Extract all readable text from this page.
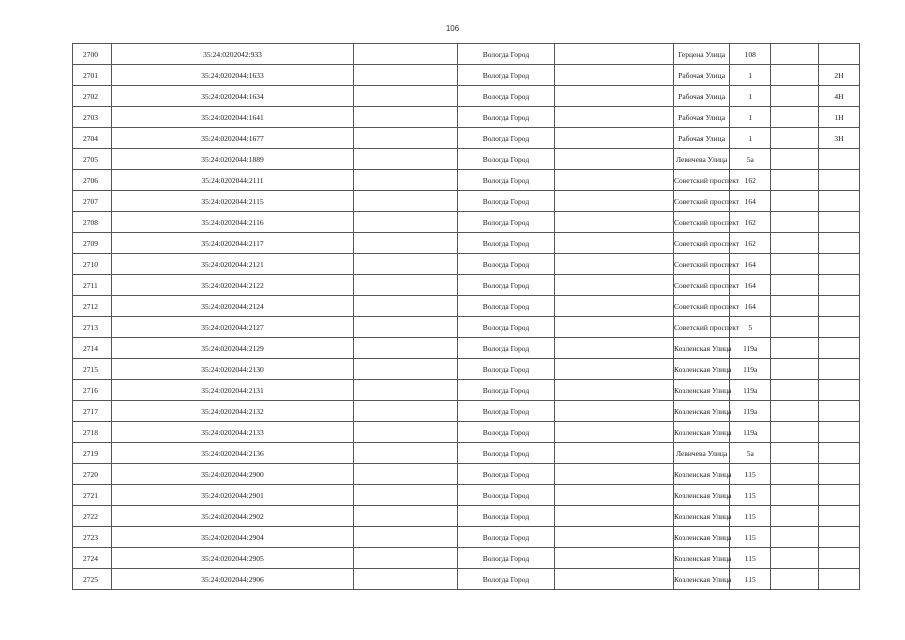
106
2700	35:24:0202042:933		Вологда Город		Герцена Улица	108		
2701	35:24:0202044:1633		Вологда Город		Рабочая Улица	1		2Н
2702	35:24:0202044:1634		Вологда Город		Рабочая Улица	1		4Н
2703	35:24:0202044:1641		Вологда Город		Рабочая Улица	1		1Н
2704	35:24:0202044:1677		Вологда Город		Рабочая Улица	1		3Н
2705	35:24:0202044:1889		Вологда Город		Левичева Улица	5а		
2706	35:24:0202044:2111		Вологда Город		Советский проспект	162		
2707	35:24:0202044:2115		Вологда Город		Советский проспект	164		
2708	35:24:0202044:2116		Вологда Город		Советский проспект	162		
2709	35:24:0202044:2117		Вологда Город		Советский проспект	162		
2710	35:24:0202044:2121		Вологда Город		Советский проспект	164		
2711	35:24:0202044:2122		Вологда Город		Советский проспект	164		
2712	35:24:0202044:2124		Вологда Город		Советский проспект	164		
2713	35:24:0202044:2127		Вологда Город		Советский проспект	5		
2714	35:24:0202044:2129		Вологда Город		Козленская Улица	119а		
2715	35:24:0202044:2130		Вологда Город		Козленская Улица	119а		
2716	35:24:0202044:2131		Вологда Город		Козленская Улица	119а		
2717	35:24:0202044:2132		Вологда Город		Козленская Улица	119а		
2718	35:24:0202044:2133		Вологда Город		Козленская Улица	119а		
2719	35:24:0202044:2136		Вологда Город		Левичева Улица	5а		
2720	35:24:0202044:2900		Вологда Город		Козленская Улица	115		
2721	35:24:0202044:2901		Вологда Город		Козленская Улица	115		
2722	35:24:0202044:2902		Вологда Город		Козленская Улица	115		
2723	35:24:0202044:2904		Вологда Город		Козленская Улица	115		
2724	35:24:0202044:2905		Вологда Город		Козленская Улица	115		
2725	35:24:0202044:2906		Вологда Город		Козленская Улица	115		
